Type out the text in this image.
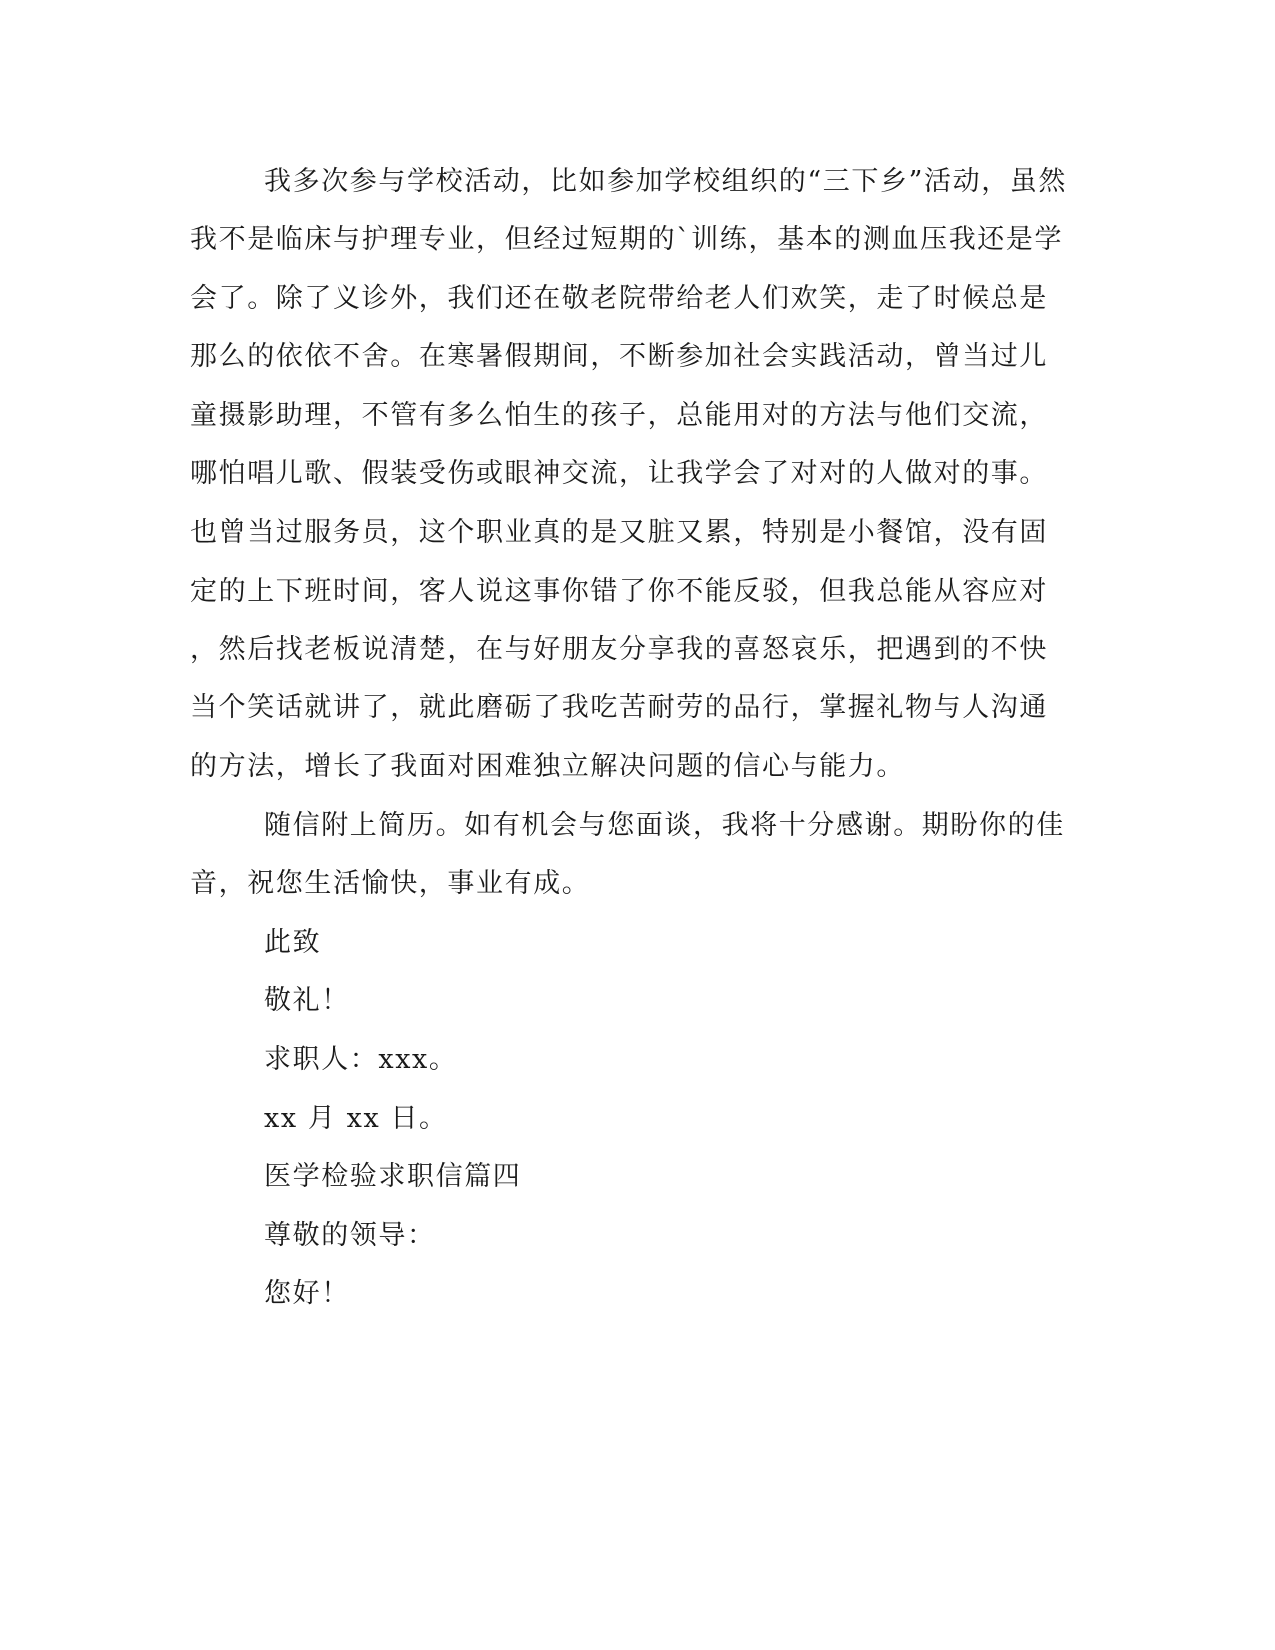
我多次参与学校活动，比如参加学校组织的“三下乡”活动，虽然
我不是临床与护理专业，但经过短期的`训练，基本的测血压我还是学
会了。除了义诊外，我们还在敬老院带给老人们欢笑，走了时候总是
那么的依依不舍。在寒暑假期间，不断参加社会实践活动，曾当过儿
童摄影助理，不管有多么怕生的孩子，总能用对的方法与他们交流，
哪怕唱儿歌、假装受伤或眼神交流，让我学会了对对的人做对的事。
也曾当过服务员，这个职业真的是又脏又累，特别是小餐馆，没有固
定的上下班时间，客人说这事你错了你不能反驳，但我总能从容应对
，然后找老板说清楚，在与好朋友分享我的喜怒哀乐，把遇到的不快
当个笑话就讲了，就此磨砺了我吃苦耐劳的品行，掌握礼物与人沟通
的方法，增长了我面对困难独立解决问题的信心与能力。
随信附上简历。如有机会与您面谈，我将十分感谢。期盼你的佳
音，祝您生活愉快，事业有成。
此致
敬礼！
求职人：xxx。
xx 月 xx 日。
医学检验求职信篇四
尊敬的领导：
您好！
